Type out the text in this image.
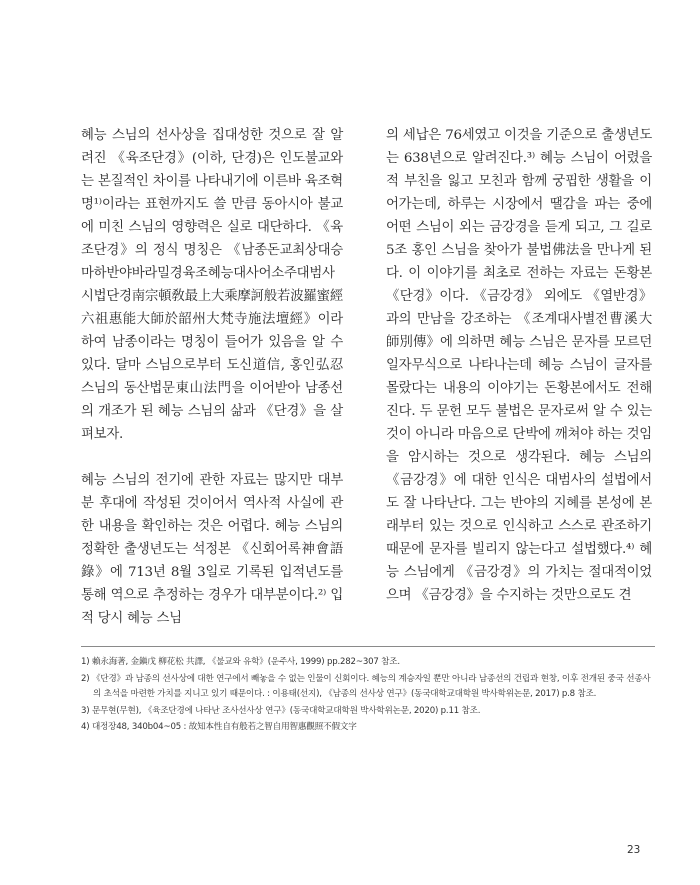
혜능 스님의 선사상을 집대성한 것으로 잘 알려진 《육조단경》(이하, 단경)은 인도불교와는 본질적인 차이를 나타내기에 이른바 육조혁명¹⁾이라는 표현까지도 쓸 만큼 동아시아 불교에 미친 스님의 영향력은 실로 대단하다. 《육조단경》의 정식 명칭은 《남종돈교최상대승마하반야바라밀경육조혜능대사어소주대범사시법단경南宗頓敎最上大乘摩訶般若波羅蜜經六祖惠能大師於韶州大梵寺施法壇經》이라 하여 남종이라는 명칭이 들어가 있음을 알 수 있다. 달마 스님으로부터 도신道信, 홍인弘忍 스님의 동산법문東山法門을 이어받아 남종선의 개조가 된 혜능 스님의 삶과 《단경》을 살펴보자.

혜능 스님의 전기에 관한 자료는 많지만 대부분 후대에 작성된 것이어서 역사적 사실에 관한 내용을 확인하는 것은 어렵다. 혜능 스님의 정확한 출생년도는 석정본 《신회어록神會語錄》에 713년 8월 3일로 기록된 입적년도를 통해 역으로 추정하는 경우가 대부분이다.²⁾ 입적 당시 혜능 스님

의 세납은 76세였고 이것을 기준으로 출생년도는 638년으로 알려진다.³⁾ 혜능 스님이 어렸을 적 부친을 잃고 모친과 함께 궁핍한 생활을 이어가는데, 하루는 시장에서 땔감을 파는 중에 어떤 스님이 외는 금강경을 듣게 되고, 그 길로 5조 홍인 스님을 찾아가 불법佛法을 만나게 된다. 이 이야기를 최초로 전하는 자료는 돈황본 《단경》이다. 《금강경》 외에도 《열반경》과의 만남을 강조하는 《조계대사별전曹溪大師別傳》에 의하면 혜능 스님은 문자를 모르던 일자무식으로 나타나는데 혜능 스님이 글자를 몰랐다는 내용의 이야기는 돈황본에서도 전해진다. 두 문헌 모두 불법은 문자로써 알 수 있는 것이 아니라 마음으로 단박에 깨쳐야 하는 것임을 암시하는 것으로 생각된다. 혜능 스님의 《금강경》에 대한 인식은 대범사의 설법에서도 잘 나타난다. 그는 반야의 지혜를 본성에 본래부터 있는 것으로 인식하고 스스로 관조하기 때문에 문자를 빌리지 않는다고 설법했다.⁴⁾ 혜능 스님에게 《금강경》의 가치는 절대적이었으며 《금강경》을 수지하는 것만으로도 견

1) 賴永海著, 金鎭戊 柳花松 共譯, 《불교와 유학》(운주사, 1999) pp.282~307 참조.

2) 《단경》과 남종의 선사상에 대한 연구에서 빼놓을 수 없는 인물이 신회이다. 혜능의 계승자일 뿐만 아니라 남종선의 건립과 현창, 이후 전개된 중국 선종사의 초석을 마련한 가치를 지니고 있기 때문이다. : 이용태(선지), 《남종의 선사상 연구》(동국대학교대학원 박사학위논문, 2017) p.8 참조.

3) 문무현(무현), 《육조단경에 나타난 조사선사상 연구》(동국대학교대학원 박사학위논문, 2020) p.11 참조.

4) 대정장48, 340b04~05 : 故知本性自有般若之智自用智惠觀照不假文字

23
